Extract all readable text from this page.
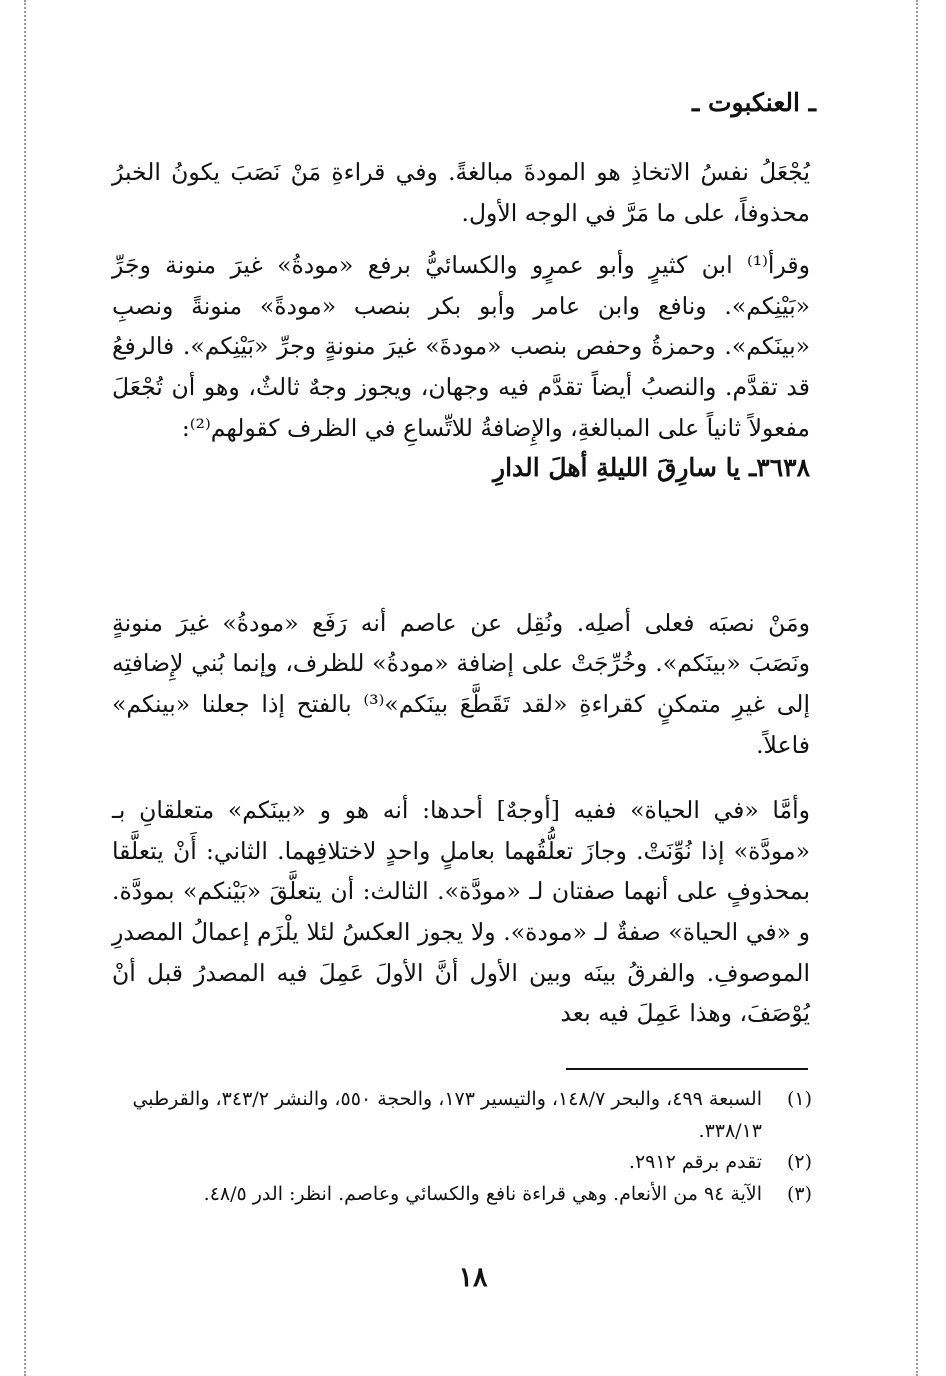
ـ العنكبوت ـ

يُجْعَلُ نفسُ الاتخاذِ هو المودةَ مبالغةً. وفي قراءةِ مَنْ نَصَبَ يكونُ الخبرُ محذوفاً، على ما مَرَّ في الوجه الأول.

وقرأ⁽¹⁾ ابن كثيرٍ وأبو عمرٍو والكسائيُّ برفع «مودةُ» غيرَ منونة وجَرِّ «بَيْنِكم». ونافع وابن عامر وأبو بكر بنصب «مودةً» منونةً ونصبِ «بينَكم». وحمزةُ وحفص بنصب «مودةَ» غيرَ منونةٍ وجرِّ «بَيْنِكم». فالرفعُ قد تقدَّم. والنصبُ أيضاً تقدَّم فيه وجهان، ويجوز وجهٌ ثالثٌ، وهو أن تُجْعَلَ مفعولاً ثانياً على المبالغةِ، والإِضافةُ للاتِّساعِ في الظرف كقولهم⁽²⁾:

٣٦٣٨ـ يا سارِقَ الليلةِ أهلَ الدارِ

ومَنْ نصبَه فعلى أصلِه. ونُقِل عن عاصم أنه رَفَع «مودةُ» غيرَ منونةٍ ونَصَبَ «بينَكم». وخُرِّجَتْ على إضافة «مودةُ» للظرف، وإنما بُني لإِضافتِه إلى غيرِ متمكنٍ كقراءةِ «لقد تَقَطَّعَ بينَكم»⁽³⁾ بالفتح إذا جعلنا «بينكم» فاعلاً.

وأمَّا «في الحياة» ففيه [أوجهٌ] أحدها: أنه هو و «بينَكم» متعلقانِ بـ «مودَّة» إذا نُوِّنَتْ. وجازَ تعلُّقُهما بعاملٍ واحدٍ لاختلافِهما. الثاني: أَنْ يتعلَّقا بمحذوفٍ على أنهما صفتان لـ «مودَّة». الثالث: أن يتعلَّقَ «بَيْنكم» بمودَّة. و «في الحياة» صفةٌ لـ «مودة». ولا يجوز العكسُ لئلا يلْزَم إعمالُ المصدرِ الموصوفِ. والفرقُ بينَه وبين الأول أنَّ الأولَ عَمِلَ فيه المصدرُ قبل أنْ يُوْصَفَ، وهذا عَمِلَ فيه بعد

(١)
السبعة ٤٩٩، والبحر ١٤٨/٧، والتيسير ١٧٣، والحجة ٥٥٠، والنشر ٣٤٣/٢، والقرطبي ٣٣٨/١٣.
(٢)
تقدم برقم ٢٩١٢.
(٣)
الآية ٩٤ من الأنعام. وهي قراءة نافع والكسائي وعاصم. انظر: الدر ٤٨/٥.
١٨
